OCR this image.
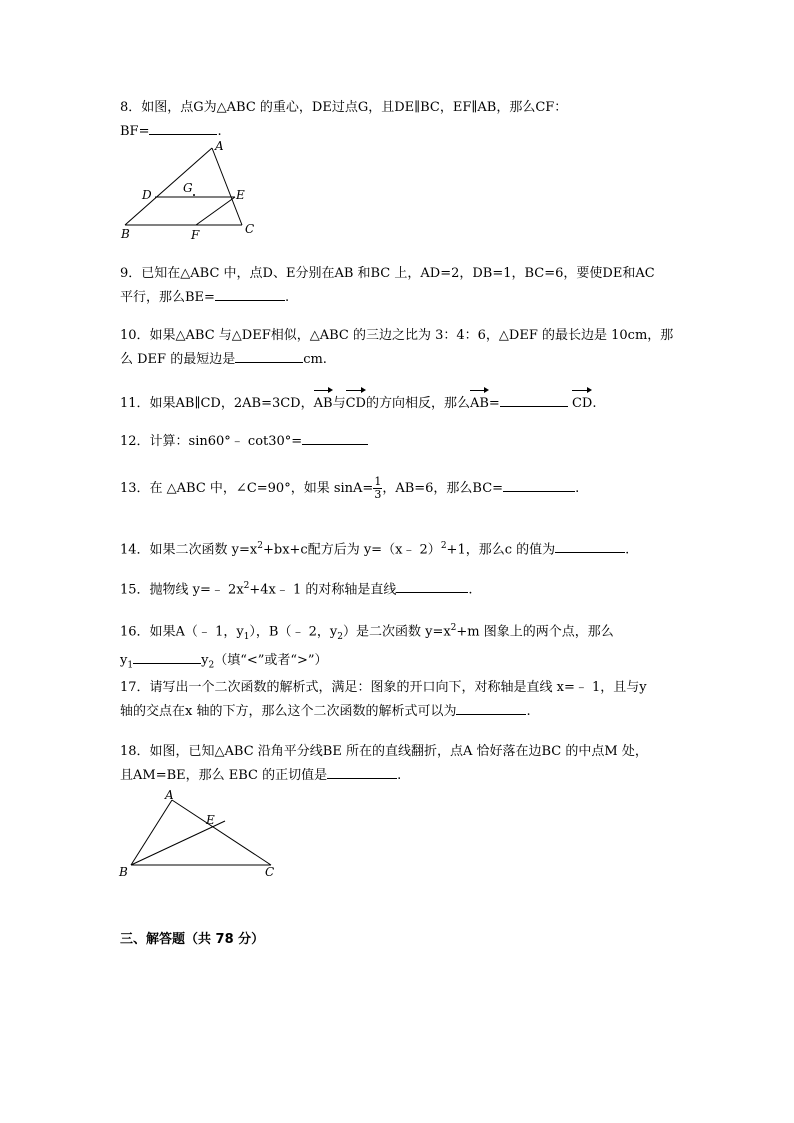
8．如图，点G为△ABC 的重心，DE过点G，且DE∥BC，EF∥AB，那么CF：
BF=	.
A
B	C
D	E
F
G
9．已知在△ABC 中，点D、E分别在AB 和BC 上，AD=2，DB=1，BC=6，要使DE和AC
平行，那么BE=	.
10．如果△ABC 与△DEF相似，△ABC 的三边之比为 3：4：6，△DEF 的最长边是 10cm，那
么 DEF 的最短边是	cm.
11．如果AB∥CD，2AB=3CD，AB与CD的方向相反，那么AB=	CD.
12．计算：sin60°﹣ cot30°=
13．在 △ABC 中，∠C=90°，如果 $\sin A= \frac{1}{3}$ ，AB=6，那么BC=	.
14．如果二次函数 $y=x^2+bx+c$配方后为 y=（x﹣ 2）$^2$+1，那么c 的值为	.
15．抛物线 y=﹣ $2x^2+4x﹣$ 1 的对称轴是直线	.
16．如果A（﹣ 1，$y_1$），B（﹣ 2，$y_2$）是二次函数 $y=x^2+m$ 图象上的两个点，那么
$y_1$	$y_2$（填“<”或者“>”）
17．请写出一个二次函数的解析式，满足：图象的开口向下，对称轴是直线 x=﹣ 1，且与y
轴的交点在x 轴的下方，那么这个二次函数的解析式可以为	.
18．如图，已知△ABC 沿角平分线BE 所在的直线翻折，点A 恰好落在边BC 的中点M 处，
且AM=BE，那么 EBC 的正切值是	.
A
B	C
E
三、解答题（共 78 分）
